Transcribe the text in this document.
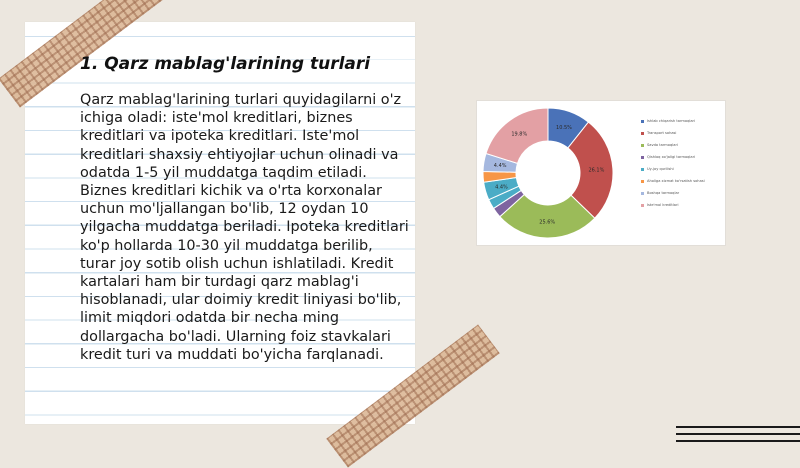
1. Qarz mablag'larining turlari

Qarz mablag'larining turlari quyidagilarni o'z ichiga oladi: iste'mol kreditlari, biznes kreditlari va ipoteka kreditlari. Iste'mol kreditlari shaxsiy ehtiyojlar uchun olinadi va odatda 1-5 yil muddatga taqdim etiladi. Biznes kreditlari kichik va o'rta korxonalar uchun mo'ljallangan bo'lib, 12 oydan 10 yilgacha muddatga beriladi. Ipoteka kreditlari ko'p hollarda 10-30 yil muddatga berilib, turar joy sotib olish uchun ishlatiladi. Kredit kartalari ham bir turdagi qarz mablag'i hisoblanadi, ular doimiy kredit liniyasi bo'lib, limit miqdori odatda bir necha ming dollargacha bo'ladi. Ularning foiz stavkalari kredit turi va muddati bo'yicha farqlanadi.

10.5%
26.1%
25.6%
4.4%
4.4%
19.8%
Ishlab chiqarish tarmoqlari
Transport sohasi
Savdo tarmoqlari
Qishloq xo'jaligi tarmoqlari
Uy-joy qurilishi
Aholiga xizmat ko'rsatish sohasi
Boshqa tarmoqlar
Iste'mol kreditlari
